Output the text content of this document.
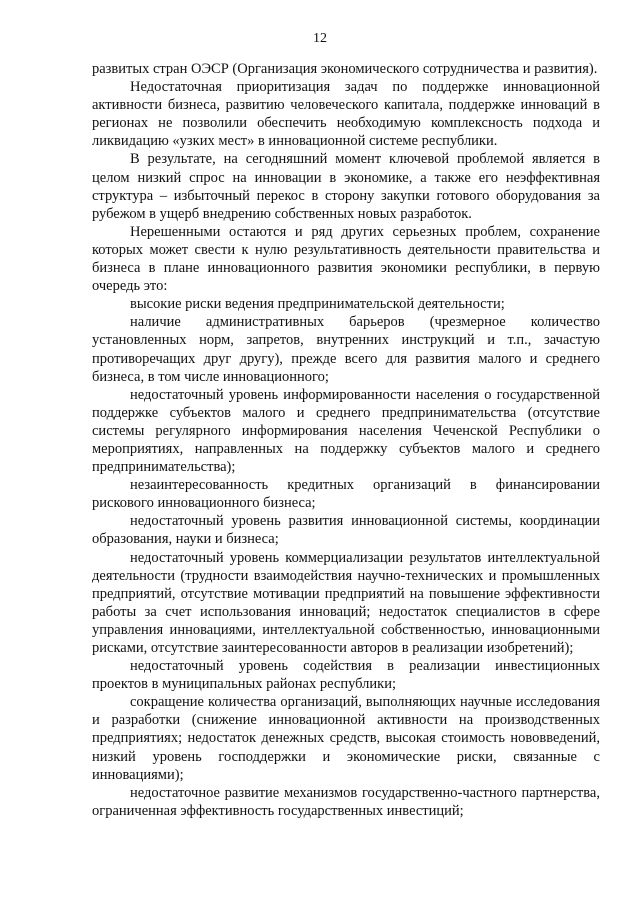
12

развитых стран ОЭСР (Организация экономического сотрудничества и развития).

Недостаточная приоритизация задач по поддержке инновационной активности бизнеса, развитию человеческого капитала, поддержке инноваций в регионах не позволили обеспечить необходимую комплексность подхода и ликвидацию «узких мест» в инновационной системе республики.

В результате, на сегодняшний момент ключевой проблемой является в целом низкий спрос на инновации в экономике, а также его неэффективная структура – избыточный перекос в сторону закупки готового оборудования за рубежом в ущерб внедрению собственных новых разработок.

Нерешенными остаются и ряд других серьезных проблем, сохранение которых может свести к нулю результативность деятельности правительства и бизнеса в плане инновационного развития экономики республики, в первую очередь это:

высокие риски ведения предпринимательской деятельности;

наличие административных барьеров (чрезмерное количество установленных норм, запретов, внутренних инструкций и т.п., зачастую противоречащих друг другу), прежде всего для развития малого и среднего бизнеса, в том числе инновационного;

недостаточный уровень информированности населения о государственной поддержке субъектов малого и среднего предпринимательства (отсутствие системы регулярного информирования населения Чеченской Республики о мероприятиях, направленных на поддержку субъектов малого и среднего предпринимательства);

незаинтересованность кредитных организаций в финансировании рискового инновационного бизнеса;

недостаточный уровень развития инновационной системы, координации образования, науки и бизнеса;

недостаточный уровень коммерциализации результатов интеллектуальной деятельности (трудности взаимодействия научно-технических и промышленных предприятий, отсутствие мотивации предприятий на повышение эффективности работы за счет использования инноваций; недостаток специалистов в сфере управления инновациями, интеллектуальной собственностью, инновационными рисками, отсутствие заинтересованности авторов в реализации изобретений);

недостаточный уровень содействия в реализации инвестиционных проектов в муниципальных районах республики;

сокращение количества организаций, выполняющих научные исследования и разработки (снижение инновационной активности на производственных предприятиях; недостаток денежных средств, высокая стоимость нововведений, низкий уровень господдержки и экономические риски, связанные с инновациями);

недостаточное развитие механизмов государственно-частного партнерства, ограниченная эффективность государственных инвестиций;
